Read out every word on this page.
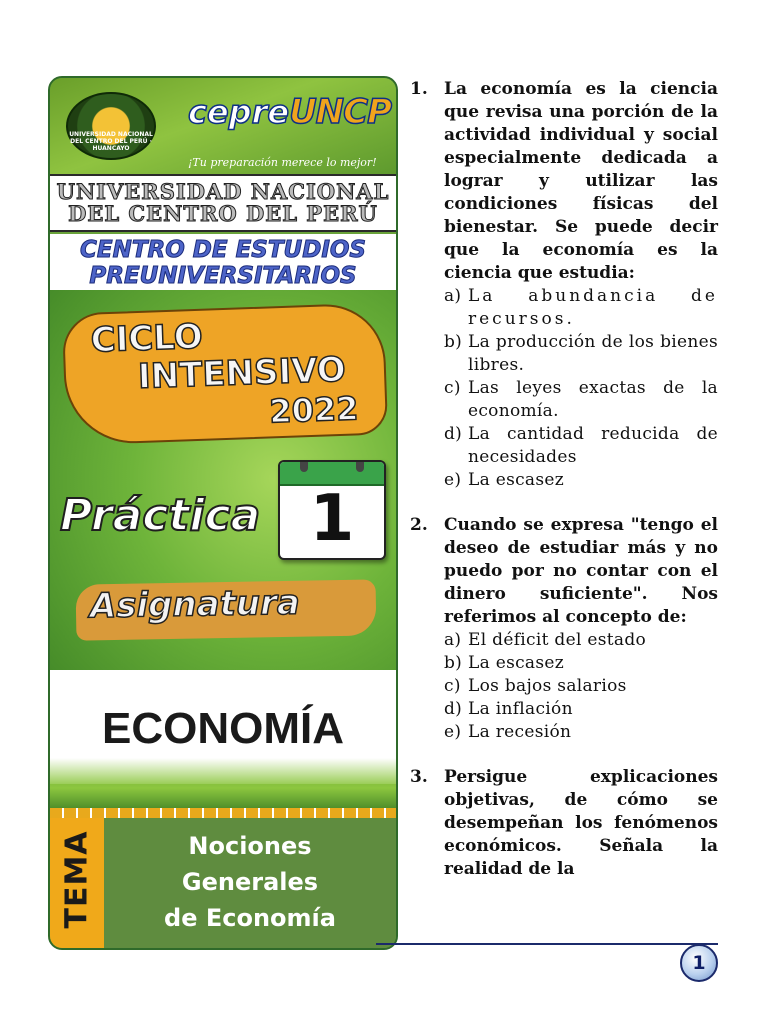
UNIVERSIDAD NACIONAL DEL CENTRO DEL PERÚ · HUANCAYO
cepreUNCP
¡Tu preparación merece lo mejor!
UNIVERSIDAD NACIONAL
DEL CENTRO DEL PERÚ
CENTRO DE ESTUDIOS
PREUNIVERSITARIOS
CICLO
INTENSIVO
2022
Práctica 1
Asignatura
ECONOMÍA
TEMA	Nociones
Generales
de Economía
1. La economía es la ciencia que revisa una porción de la actividad individual y social especialmente dedicada a lograr y utilizar las condiciones físicas del bienestar. Se puede decir que la economía es la ciencia que estudia:
a) La abundancia de recursos.
b) La producción de los bienes libres.
c) Las leyes exactas de la economía.
d) La cantidad reducida de necesidades
e) La escasez
2. Cuando se expresa "tengo el deseo de estudiar más y no puedo por no contar con el dinero suficiente". Nos referimos al concepto de:
a) El déficit del estado
b) La escasez
c) Los bajos salarios
d) La inflación
e) La recesión
3. Persigue explicaciones objetivas, de cómo se desempeñan los fenómenos económicos. Señala la realidad de la
1
